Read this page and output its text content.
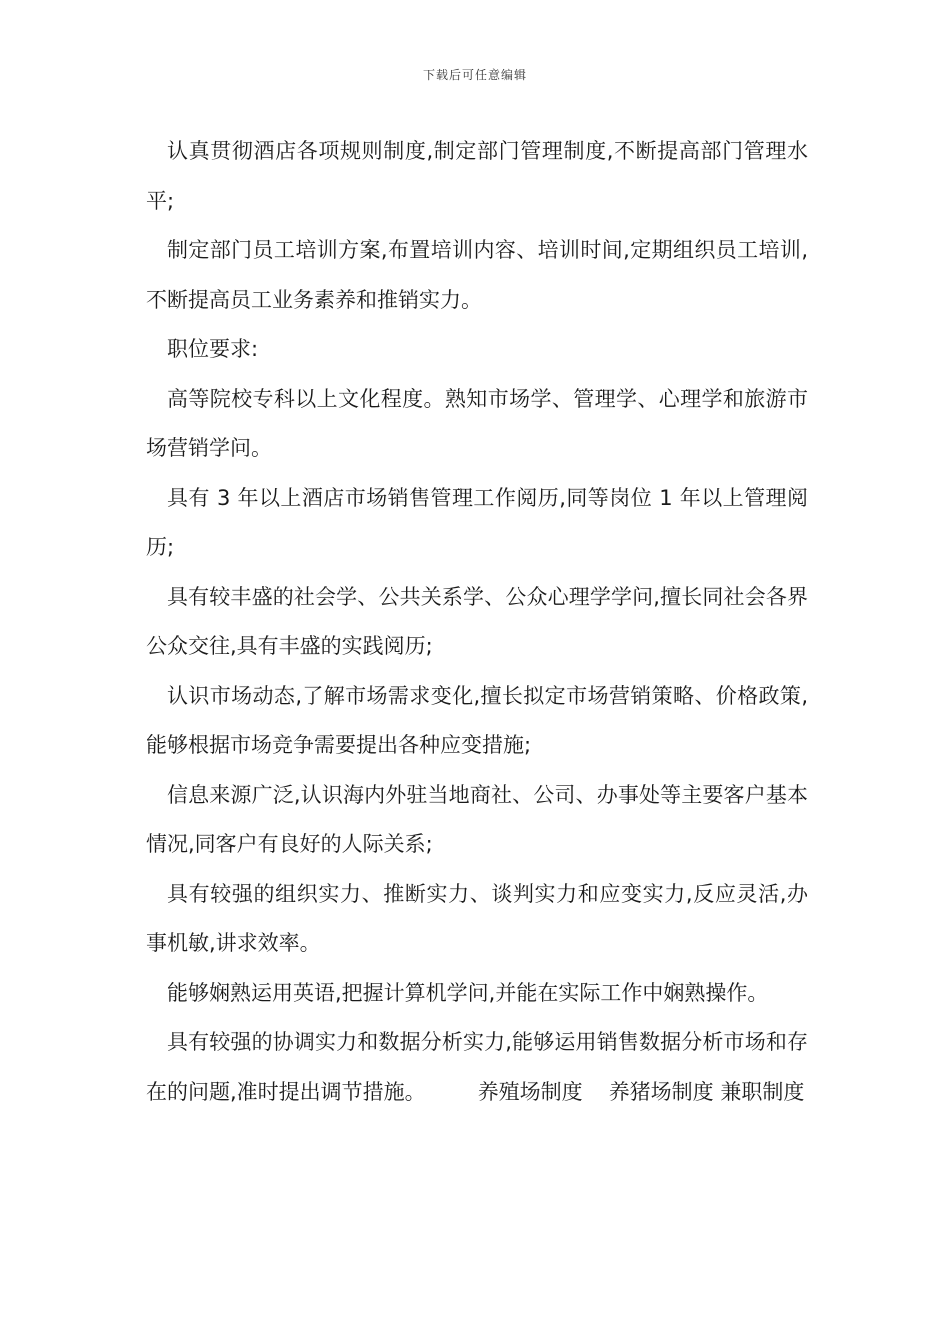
下载后可任意编辑

认真贯彻酒店各项规则制度,制定部门管理制度,不断提高部门管理水平;

制定部门员工培训方案,布置培训内容、培训时间,定期组织员工培训,不断提高员工业务素养和推销实力。

职位要求:

高等院校专科以上文化程度。熟知市场学、管理学、心理学和旅游市场营销学问。

具有 3 年以上酒店市场销售管理工作阅历,同等岗位 1 年以上管理阅历;

具有较丰盛的社会学、公共关系学、公众心理学学问,擅长同社会各界公众交往,具有丰盛的实践阅历;

认识市场动态,了解市场需求变化,擅长拟定市场营销策略、价格政策,能够根据市场竞争需要提出各种应变措施;

信息来源广泛,认识海内外驻当地商社、公司、办事处等主要客户基本情况,同客户有良好的人际关系;

具有较强的组织实力、推断实力、谈判实力和应变实力,反应灵活,办事机敏,讲求效率。

能够娴熟运用英语,把握计算机学问,并能在实际工作中娴熟操作。

具有较强的协调实力和数据分析实力,能够运用销售数据分析市场和存在的问题,准时提出调节措施。 养殖场制度 养猪场制度 兼职制度
